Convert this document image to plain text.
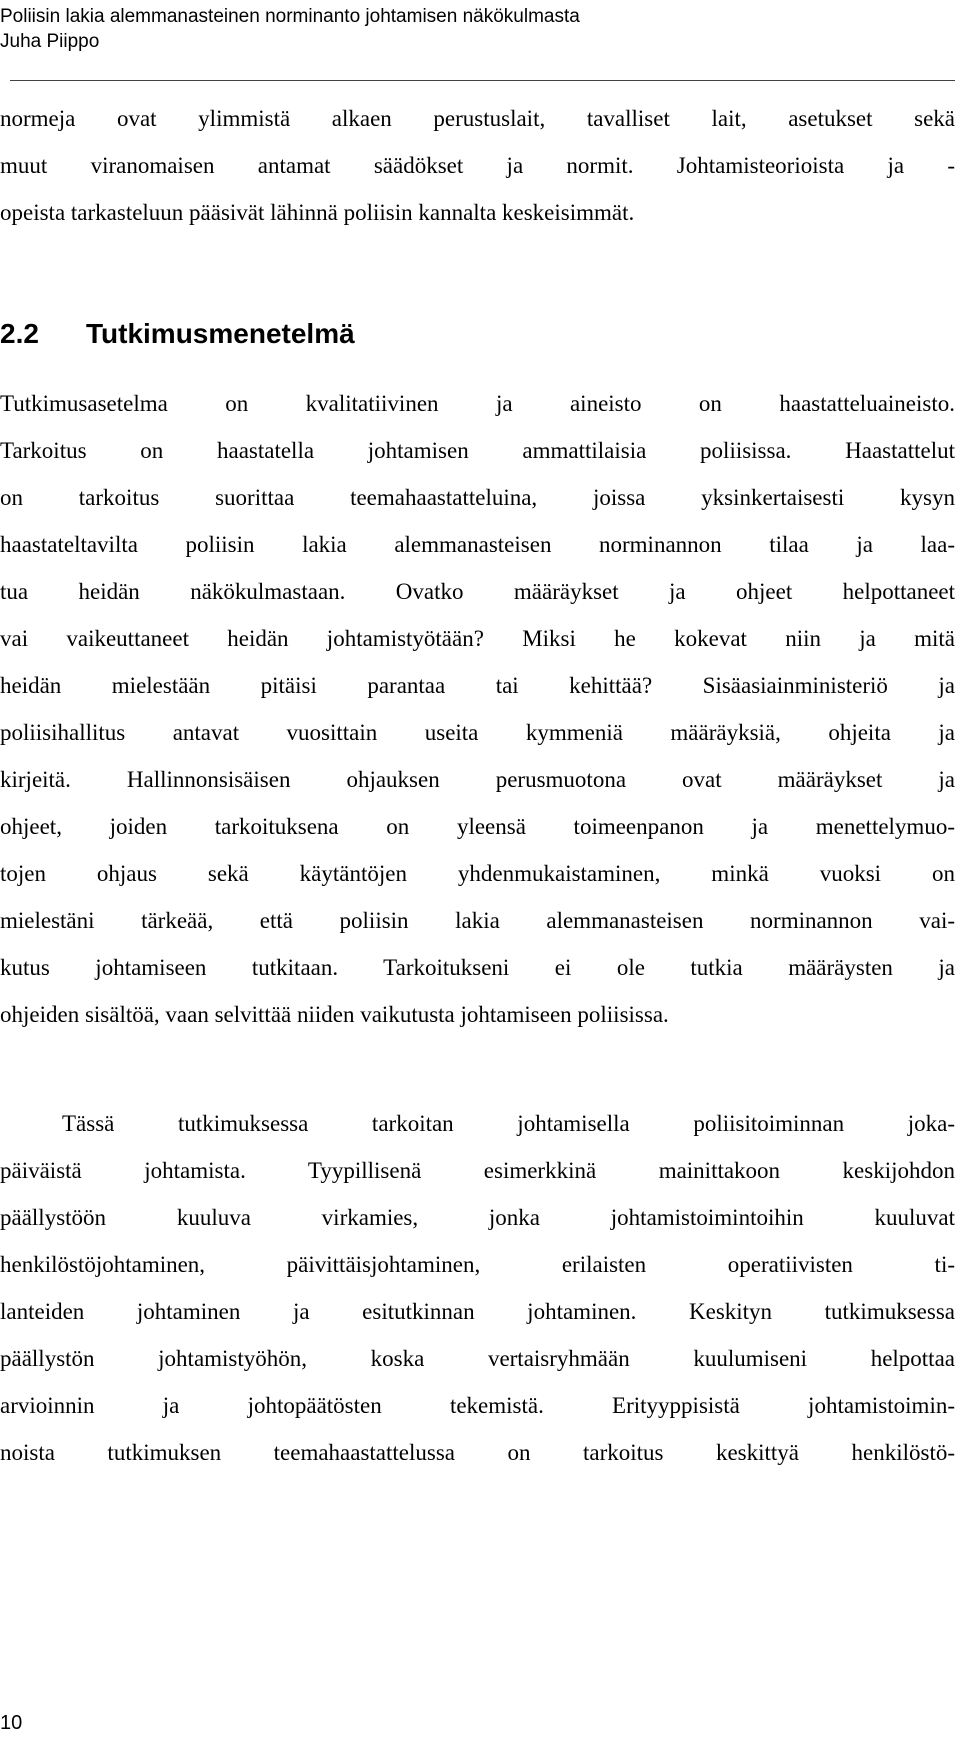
Poliisin lakia alemmanasteinen norminanto johtamisen näkökulmasta
Juha Piippo
normeja ovat ylimmistä alkaen perustuslait, tavalliset lait, asetukset sekä
muut viranomaisen antamat säädökset ja normit. Johtamisteorioista ja -
opeista tarkasteluun pääsivät lähinnä poliisin kannalta keskeisimmät.
2.2 Tutkimusmenetelmä
Tutkimusasetelma on kvalitatiivinen ja aineisto on haastatteluaineisto.
Tarkoitus on haastatella johtamisen ammattilaisia poliisissa. Haastattelut
on tarkoitus suorittaa teemahaastatteluina, joissa yksinkertaisesti kysyn
haastateltavilta poliisin lakia alemmanasteisen norminannon tilaa ja laa-
tua heidän näkökulmastaan. Ovatko määräykset ja ohjeet helpottaneet
vai vaikeuttaneet heidän johtamistyötään? Miksi he kokevat niin ja mitä
heidän mielestään pitäisi parantaa tai kehittää? Sisäasiainministeriö ja
poliisihallitus antavat vuosittain useita kymmeniä määräyksiä, ohjeita ja
kirjeitä. Hallinnonsisäisen ohjauksen perusmuotona ovat määräykset ja
ohjeet, joiden tarkoituksena on yleensä toimeenpanon ja menettelymuo-
tojen ohjaus sekä käytäntöjen yhdenmukaistaminen, minkä vuoksi on
mielestäni tärkeää, että poliisin lakia alemmanasteisen norminannon vai-
kutus johtamiseen tutkitaan. Tarkoitukseni ei ole tutkia määräysten ja
ohjeiden sisältöä, vaan selvittää niiden vaikutusta johtamiseen poliisissa.
Tässä tutkimuksessa tarkoitan johtamisella poliisitoiminnan joka-
päiväistä johtamista. Tyypillisenä esimerkkinä mainittakoon keskijohdon
päällystöön kuuluva virkamies, jonka johtamistoimintoihin kuuluvat
henkilöstöjohtaminen, päivittäisjohtaminen, erilaisten operatiivisten ti-
lanteiden johtaminen ja esitutkinnan johtaminen. Keskityn tutkimuksessa
päällystön johtamistyöhön, koska vertaisryhmään kuulumiseni helpottaa
arvioinnin ja johtopäätösten tekemistä. Erityyppisistä johtamistoimin-
noista tutkimuksen teemahaastattelussa on tarkoitus keskittyä henkilöstö-
10
